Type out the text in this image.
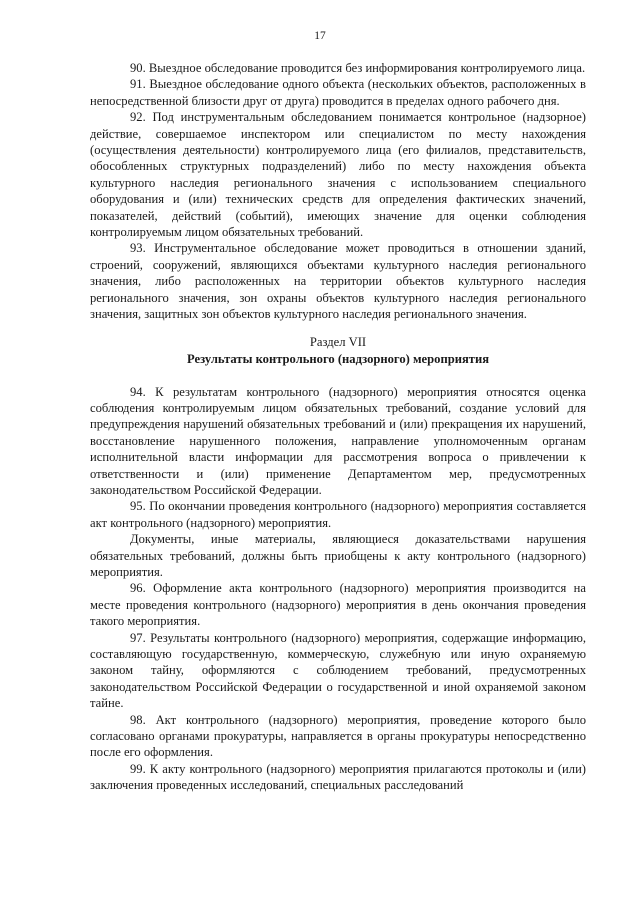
17

90. Выездное обследование проводится без информирования контролируемого лица.

91. Выездное обследование одного объекта (нескольких объектов, расположенных в непосредственной близости друг от друга) проводится в пределах одного рабочего дня.

92. Под инструментальным обследованием понимается контрольное (надзорное) действие, совершаемое инспектором или специалистом по месту нахождения (осуществления деятельности) контролируемого лица (его филиалов, представительств, обособленных структурных подразделений) либо по месту нахождения объекта культурного наследия регионального значения с использованием специального оборудования и (или) технических средств для определения фактических значений, показателей, действий (событий), имеющих значение для оценки соблюдения контролируемым лицом обязательных требований.

93. Инструментальное обследование может проводиться в отношении зданий, строений, сооружений, являющихся объектами культурного наследия регионального значения, либо расположенных на территории объектов культурного наследия регионального значения, зон охраны объектов культурного наследия регионального значения, защитных зон объектов культурного наследия регионального значения.

Раздел VII

Результаты контрольного (надзорного) мероприятия

94. К результатам контрольного (надзорного) мероприятия относятся оценка соблюдения контролируемым лицом обязательных требований, создание условий для предупреждения нарушений обязательных требований и (или) прекращения их нарушений, восстановление нарушенного положения, направление уполномоченным органам исполнительной власти информации для рассмотрения вопроса о привлечении к ответственности и (или) применение Департаментом мер, предусмотренных законодательством Российской Федерации.

95. По окончании проведения контрольного (надзорного) мероприятия составляется акт контрольного (надзорного) мероприятия.

Документы, иные материалы, являющиеся доказательствами нарушения обязательных требований, должны быть приобщены к акту контрольного (надзорного) мероприятия.

96. Оформление акта контрольного (надзорного) мероприятия производится на месте проведения контрольного (надзорного) мероприятия в день окончания проведения такого мероприятия.

97. Результаты контрольного (надзорного) мероприятия, содержащие информацию, составляющую государственную, коммерческую, служебную или иную охраняемую законом тайну, оформляются с соблюдением требований, предусмотренных законодательством Российской Федерации о государственной и иной охраняемой законом тайне.

98. Акт контрольного (надзорного) мероприятия, проведение которого было согласовано органами прокуратуры, направляется в органы прокуратуры непосредственно после его оформления.

99. К акту контрольного (надзорного) мероприятия прилагаются протоколы и (или) заключения проведенных исследований, специальных расследований
